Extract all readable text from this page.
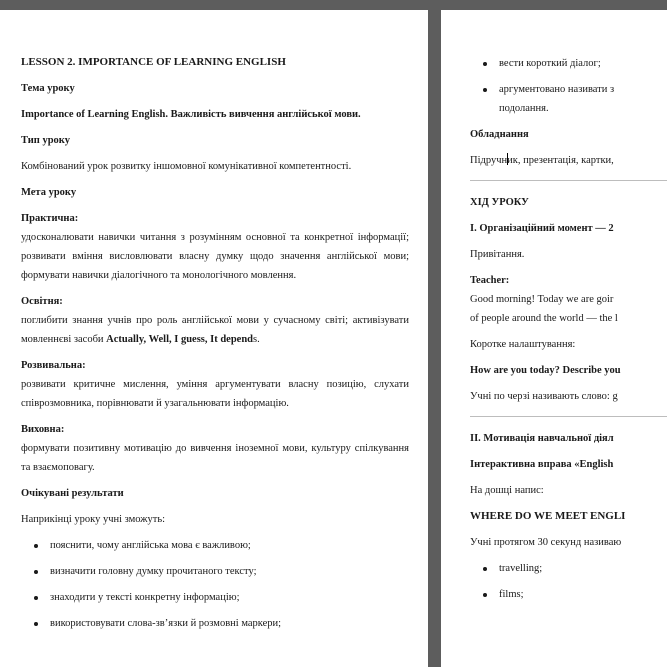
LESSON 2. IMPORTANCE OF LEARNING ENGLISH
Тема уроку
Importance of Learning English. Важливість вивчення англійської мови.
Тип уроку
Комбінований урок розвитку іншомовної комунікативної компетентності.
Мета уроку
Практична:
удосконалювати навички читання з розумінням основної та конкретної інформації; розвивати вміння висловлювати власну думку щодо значення англійської мови; формувати навички діалогічного та монологічного мовлення.
Освітня:
поглибити знання учнів про роль англійської мови у сучасному світі; активізувати мовленнєві засоби Actually, Well, I guess, It depends.
Розвивальна:
розвивати критичне мислення, уміння аргументувати власну позицію, слухати співрозмовника, порівнювати й узагальнювати інформацію.
Виховна:
формувати позитивну мотивацію до вивчення іноземної мови, культуру спілкування та взаємоповагу.
Очікувані результати
Наприкінці уроку учні зможуть:
пояснити, чому англійська мова є важливою;
визначити головну думку прочитаного тексту;
знаходити у тексті конкретну інформацію;
використовувати слова-зв’язки й розмовні маркери;
вести короткий діалог;
аргументовано називати з
подолання.
Обладнання
Підручник, презентація, картки,
ХІД УРОКУ
І. Організаційний момент — 2
Привітання.
Teacher:
Good morning! Today we are goir
of people around the world — the l
Коротке налаштування:
How are you today? Describe you
Учні по черзі називають слово: g
ІІ. Мотивація навчальної діял
Інтерактивна вправа «English
На дошці напис:
WHERE DO WE MEET ENGLI
Учні протягом 30 секунд називаю
travelling;
films;
